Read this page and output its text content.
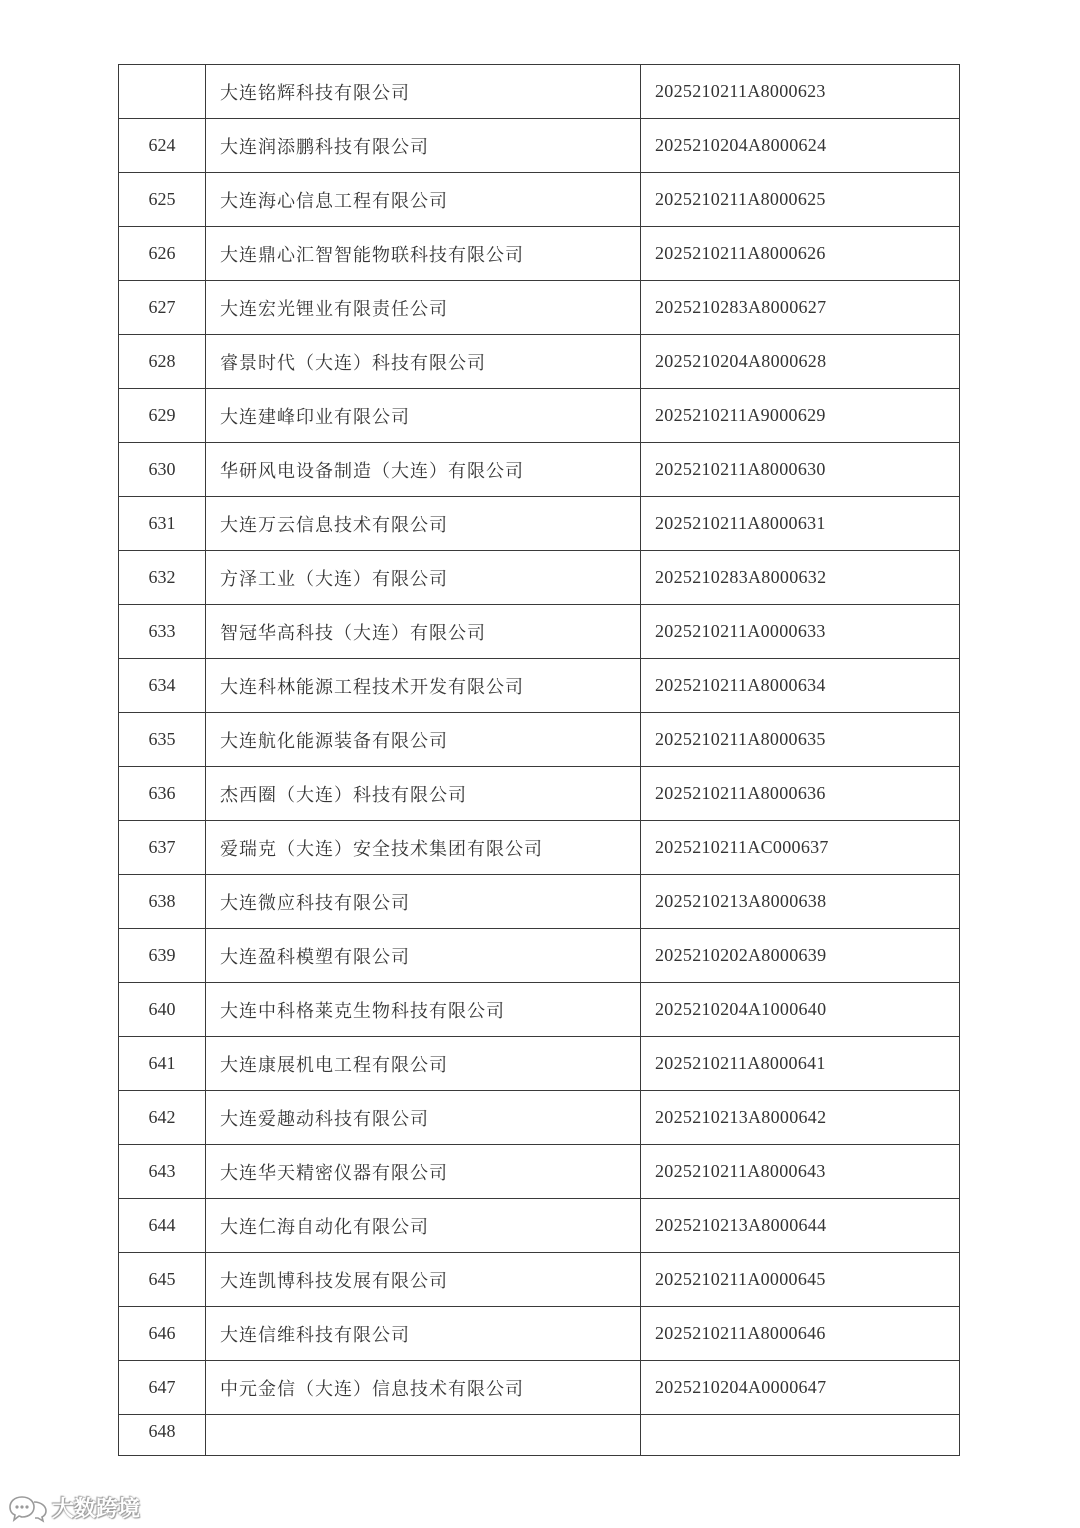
	大连铭辉科技有限公司	2025210211A8000623
624	大连润添鹏科技有限公司	2025210204A8000624
625	大连海心信息工程有限公司	2025210211A8000625
626	大连鼎心汇智智能物联科技有限公司	2025210211A8000626
627	大连宏光锂业有限责任公司	2025210283A8000627
628	睿景时代（大连）科技有限公司	2025210204A8000628
629	大连建峰印业有限公司	2025210211A9000629
630	华研风电设备制造（大连）有限公司	2025210211A8000630
631	大连万云信息技术有限公司	2025210211A8000631
632	方泽工业（大连）有限公司	2025210283A8000632
633	智冠华高科技（大连）有限公司	2025210211A0000633
634	大连科林能源工程技术开发有限公司	2025210211A8000634
635	大连航化能源装备有限公司	2025210211A8000635
636	杰西圈（大连）科技有限公司	2025210211A8000636
637	爱瑞克（大连）安全技术集团有限公司	2025210211AC000637
638	大连微应科技有限公司	2025210213A8000638
639	大连盈科模塑有限公司	2025210202A8000639
640	大连中科格莱克生物科技有限公司	2025210204A1000640
641	大连康展机电工程有限公司	2025210211A8000641
642	大连爱趣动科技有限公司	2025210213A8000642
643	大连华天精密仪器有限公司	2025210211A8000643
644	大连仁海自动化有限公司	2025210213A8000644
645	大连凯博科技发展有限公司	2025210211A0000645
646	大连信维科技有限公司	2025210211A8000646
647	中元金信（大连）信息技术有限公司	2025210204A0000647
648		
大数跨境
